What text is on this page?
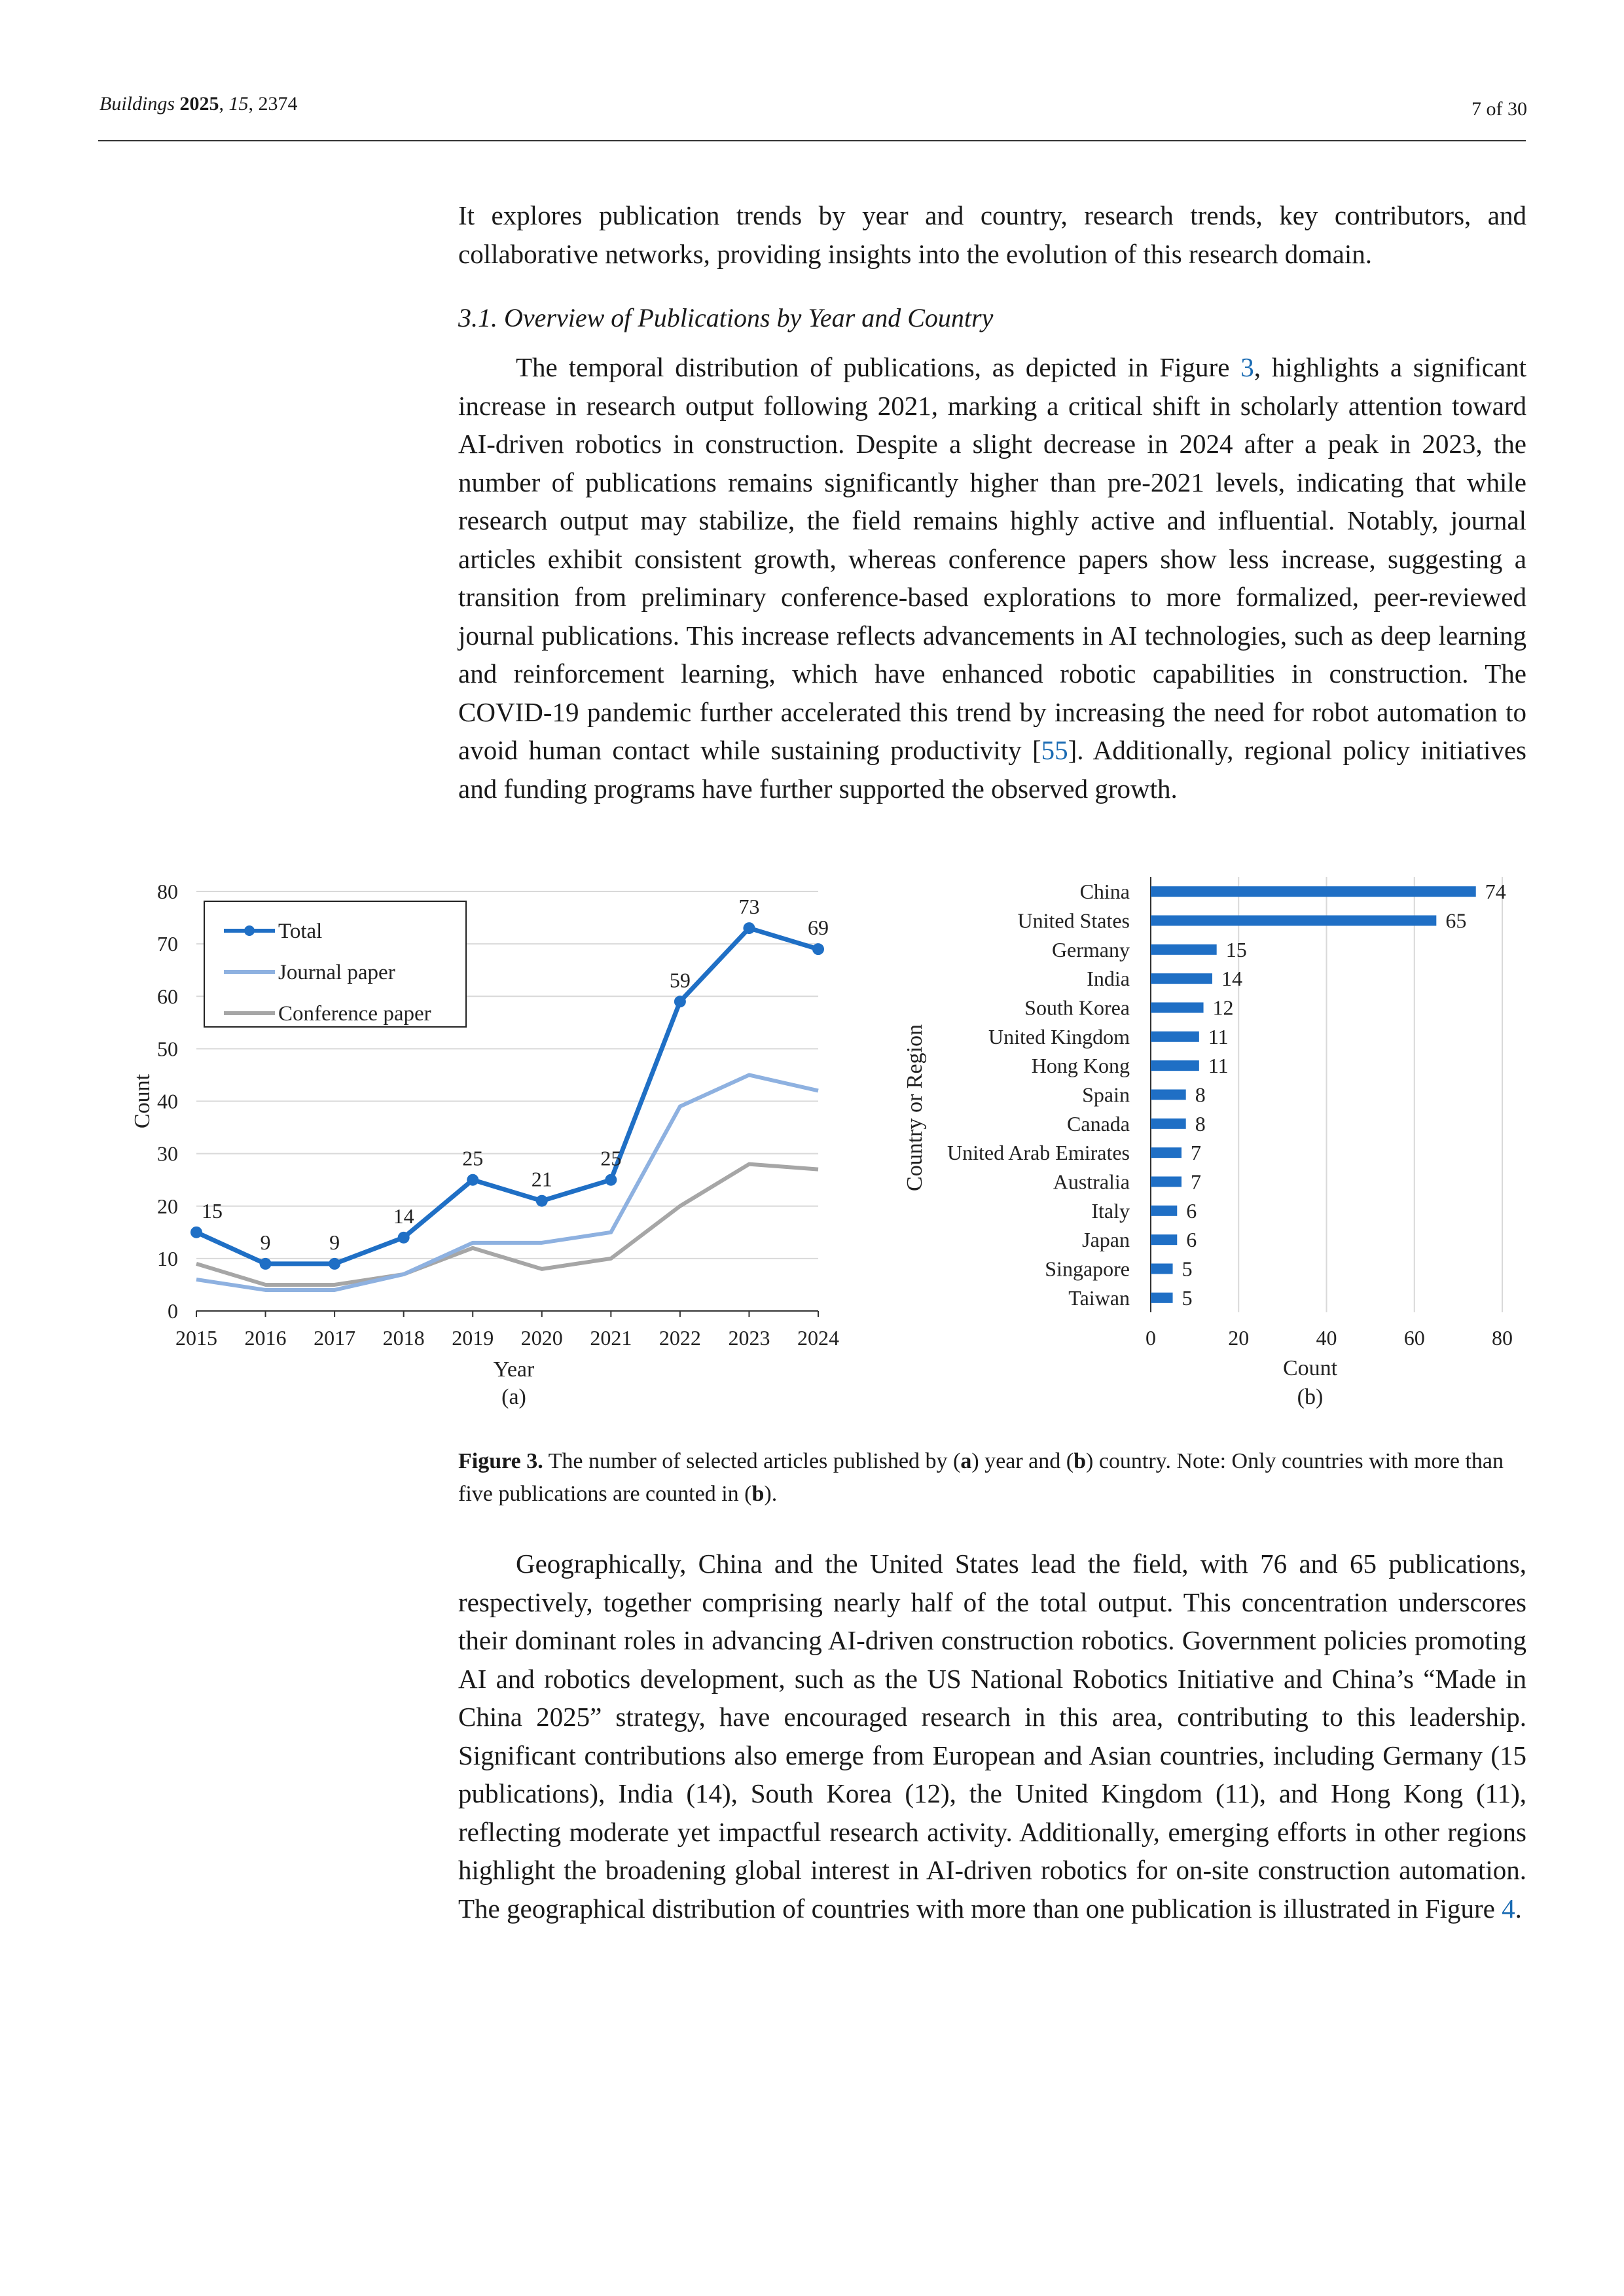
Buildings 2025, 15, 2374	7 of 30

It explores publication trends by year and country, research trends, key contributors, and collaborative networks, providing insights into the evolution of this research domain.

3.1. Overview of Publications by Year and Country

The temporal distribution of publications, as depicted in Figure 3, highlights a significant increase in research output following 2021, marking a critical shift in scholarly attention toward AI-driven robotics in construction. Despite a slight decrease in 2024 after a peak in 2023, the number of publications remains significantly higher than pre-2021 levels, indicating that while research output may stabilize, the field remains highly active and influential. Notably, journal articles exhibit consistent growth, whereas conference papers show less increase, suggesting a transition from preliminary conference-based explorations to more formalized, peer-reviewed journal publications. This increase reflects advancements in AI technologies, such as deep learning and reinforcement learning, which have enhanced robotic capabilities in construction. The COVID-19 pandemic further accelerated this trend by increasing the need for robot automation to avoid human contact while sustaining productivity [55]. Additionally, regional policy initiatives and funding programs have further supported the observed growth.

0
10
20
30
40
50
60
70
80
2015 2016 2017 2018 2019 2020 2021 2022 2023 2024
Year
(a)
Count
15
9	9
14
25
21
25
59
73
69
Total
Journal paper
Conference paper
0	20	40	60	80
China	74
United States	65
Germany	15
India	14
South Korea	12
United Kingdom	11
Hong Kong	11
Spain	8
Canada	8
United Arab Emirates	7
Australia	7
Italy	6
Japan	6
Singapore 5
Taiwan 5
Count
(b)
Country or Region
Figure 3. The number of selected articles published by (a) year and (b) country. Note: Only countries with more than five publications are counted in (b).

Geographically, China and the United States lead the field, with 76 and 65 publications, respectively, together comprising nearly half of the total output. This concentration underscores their dominant roles in advancing AI-driven construction robotics. Government policies promoting AI and robotics development, such as the US National Robotics Initiative and China’s “Made in China 2025” strategy, have encouraged research in this area, contributing to this leadership. Significant contributions also emerge from European and Asian countries, including Germany (15 publications), India (14), South Korea (12), the United Kingdom (11), and Hong Kong (11), reflecting moderate yet impactful research activity. Additionally, emerging efforts in other regions highlight the broadening global interest in AI-driven robotics for on-site construction automation. The geographical distribution of countries with more than one publication is illustrated in Figure 4.
